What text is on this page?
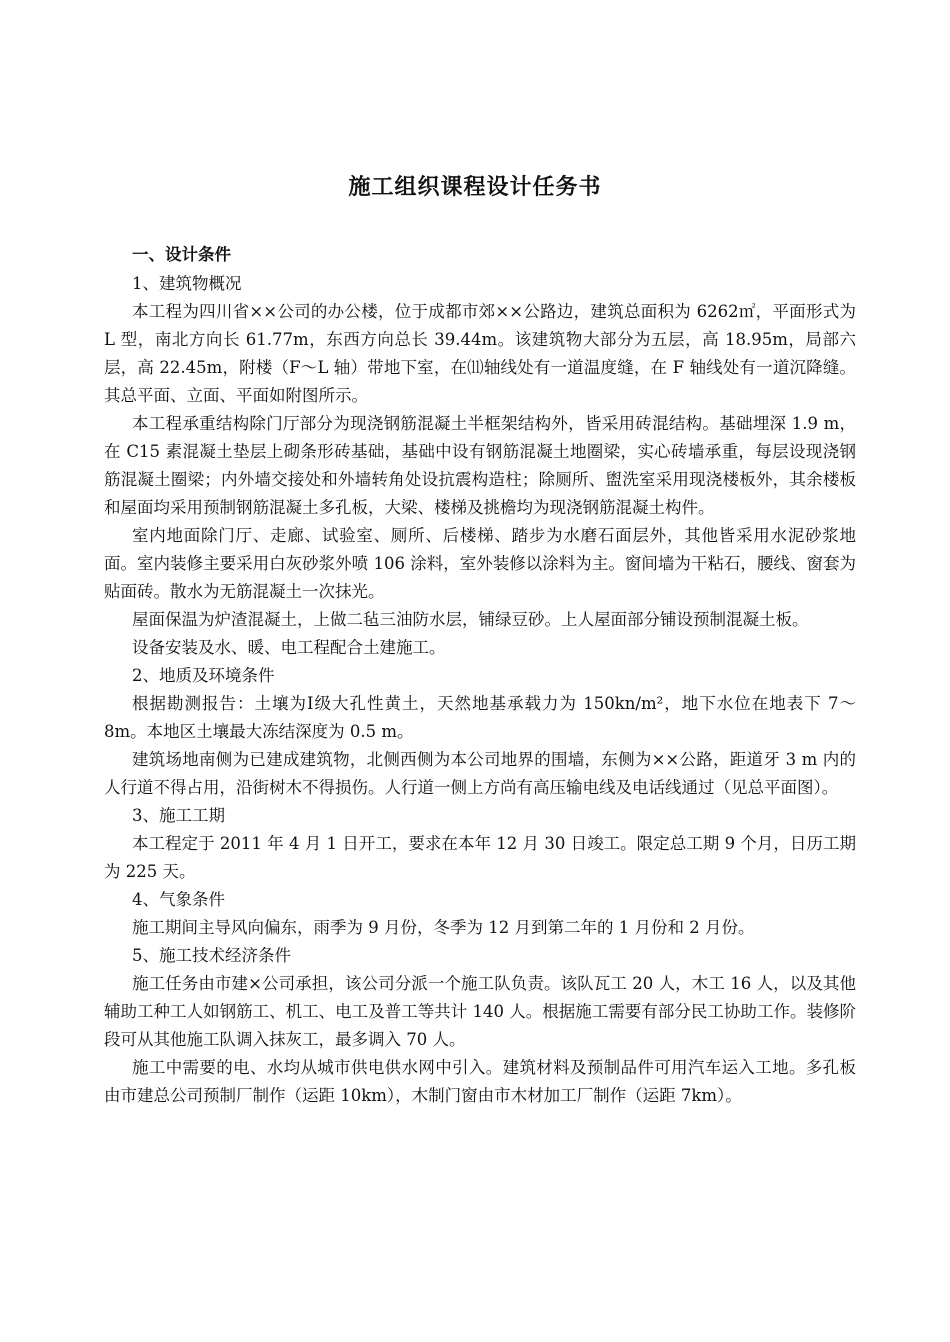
施工组织课程设计任务书
一、设计条件
1、建筑物概况

本工程为四川省××公司的办公楼，位于成都市郊××公路边，建筑总面积为 6262㎡，平面形式为 L 型，南北方向长 61.77m，东西方向总长 39.44m。该建筑物大部分为五层，高 18.95m，局部六层，高 22.45m，附楼（F～L 轴）带地下室，在⑾轴线处有一道温度缝，在 F 轴线处有一道沉降缝。其总平面、立面、平面如附图所示。

本工程承重结构除门厅部分为现浇钢筋混凝土半框架结构外，皆采用砖混结构。基础埋深 1.9 m，在 C15 素混凝土垫层上砌条形砖基础，基础中设有钢筋混凝土地圈梁，实心砖墙承重，每层设现浇钢筋混凝土圈梁；内外墙交接处和外墙转角处设抗震构造柱；除厕所、盥洗室采用现浇楼板外，其余楼板和屋面均采用预制钢筋混凝土多孔板，大梁、楼梯及挑檐均为现浇钢筋混凝土构件。

室内地面除门厅、走廊、试验室、厕所、后楼梯、踏步为水磨石面层外，其他皆采用水泥砂浆地面。室内装修主要采用白灰砂浆外喷 106 涂料，室外装修以涂料为主。窗间墙为干粘石，腰线、窗套为贴面砖。散水为无筋混凝土一次抹光。

屋面保温为炉渣混凝土，上做二毡三油防水层，铺绿豆砂。上人屋面部分铺设预制混凝土板。

设备安装及水、暖、电工程配合土建施工。

2、地质及环境条件

根据勘测报告：土壤为Ⅰ级大孔性黄土，天然地基承载力为 150kn/m²，地下水位在地表下 7～8m。本地区土壤最大冻结深度为 0.5 m。

建筑场地南侧为已建成建筑物，北侧西侧为本公司地界的围墙，东侧为××公路，距道牙 3 m 内的人行道不得占用，沿街树木不得损伤。人行道一侧上方尚有高压输电线及电话线通过（见总平面图）。

3、施工工期

本工程定于 2011 年 4 月 1 日开工，要求在本年 12 月 30 日竣工。限定总工期 9 个月，日历工期为 225 天。

4、气象条件

施工期间主导风向偏东，雨季为 9 月份，冬季为 12 月到第二年的 1 月份和 2 月份。

5、施工技术经济条件

施工任务由市建×公司承担，该公司分派一个施工队负责。该队瓦工 20 人，木工 16 人，以及其他辅助工种工人如钢筋工、机工、电工及普工等共计 140 人。根据施工需要有部分民工协助工作。装修阶段可从其他施工队调入抹灰工，最多调入 70 人。

施工中需要的电、水均从城市供电供水网中引入。建筑材料及预制品件可用汽车运入工地。多孔板由市建总公司预制厂制作（运距 10km），木制门窗由市木材加工厂制作（运距 7km）。
